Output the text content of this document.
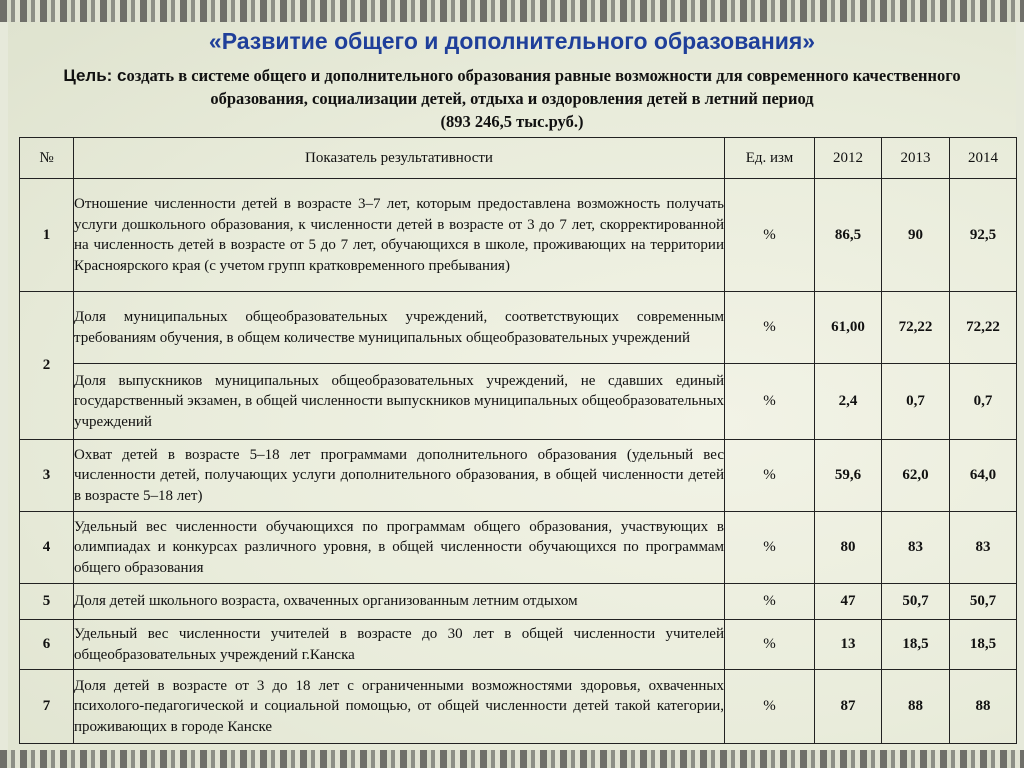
«Развитие общего и дополнительного образования»
Цель: создать в системе общего и дополнительного образования равные возможности для современного качественного образования, социализации детей, отдыха и оздоровления детей в летний период
(893 246,5 тыс.руб.)
№	Показатель результативности	Ед. изм	2012	2013	2014
1	Отношение численности детей в возрасте 3–7 лет, которым предоставлена возможность получать услуги дошкольного образования, к численности детей в возрасте от 3 до 7 лет, скорректированной на численность детей в возрасте от 5 до 7 лет, обучающихся в школе, проживающих на территории Красноярского края (с учетом групп кратковременного пребывания)	%	86,5	90	92,5
2	Доля муниципальных общеобразовательных учреждений, соответствующих современным требованиям обучения, в общем количестве муниципальных общеобразовательных учреждений	%	61,00	72,22	72,22
	Доля выпускников муниципальных общеобразовательных учреждений, не сдавших единый государственный экзамен, в общей численности выпускников муниципальных общеобразовательных учреждений	%	2,4	0,7	0,7
3	Охват детей в возрасте 5–18 лет программами дополнительного образования (удельный вес численности детей, получающих услуги дополнительного образования, в общей численности детей в возрасте 5–18 лет)	%	59,6	62,0	64,0
4	Удельный вес численности обучающихся по программам общего образования, участвующих в олимпиадах и конкурсах различного уровня, в общей численности обучающихся по программам общего образования	%	80	83	83
5	Доля детей школьного возраста, охваченных организованным летним отдыхом	%	47	50,7	50,7
6	Удельный вес численности учителей в возрасте до 30 лет в общей численности учителей общеобразовательных учреждений г.Канска	%	13	18,5	18,5
7	Доля детей в возрасте от 3 до 18 лет с ограниченными возможностями здоровья, охваченных психолого-педагогической и социальной помощью, от общей численности детей такой категории, проживающих в городе Канске	%	87	88	88
